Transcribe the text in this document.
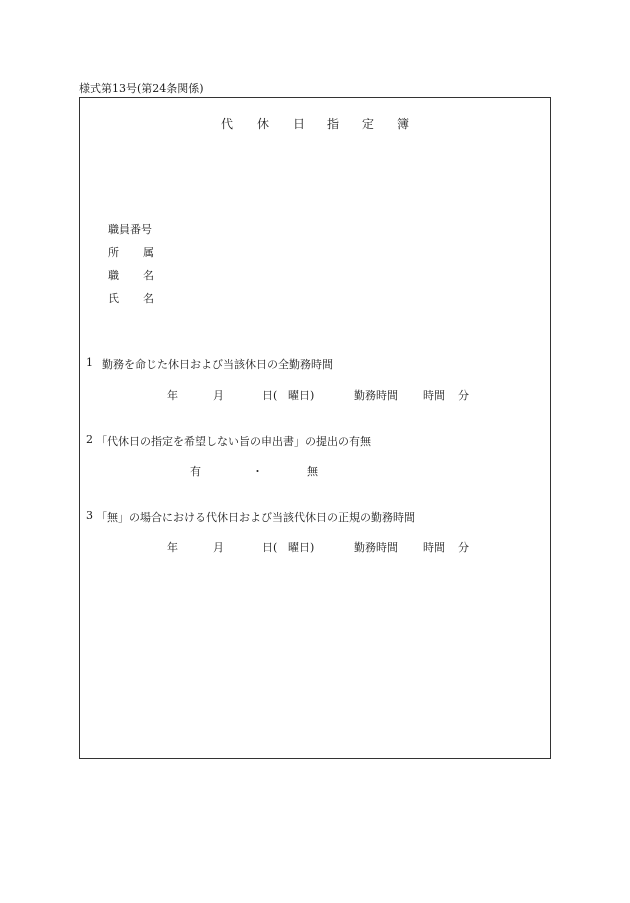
様式第13号(第24条関係)
代 休 日 指 定 簿
職員番号
所 属
職 名
氏 名
1 勤務を命じた休日および当該休日の全勤務時間
年	月	日( 曜日)	勤務時間 時間 分
2 「代休日の指定を希望しない旨の申出書」の提出の有無
有	・	無
3 「無」の場合における代休日および当該代休日の正規の勤務時間
年	月	日( 曜日)	勤務時間 時間 分
